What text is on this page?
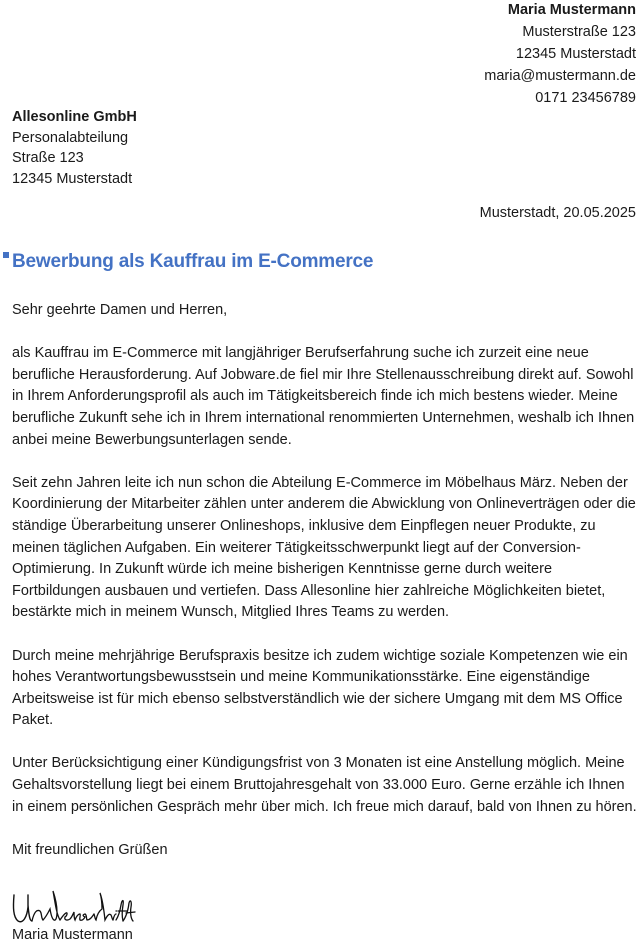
Maria Mustermann
Musterstraße 123
12345 Musterstadt
maria@mustermann.de
0171 23456789
Allesonline GmbH
Personalabteilung
Straße 123
12345 Musterstadt
Musterstadt, 20.05.2025
Bewerbung als Kauffrau im E-Commerce

Sehr geehrte Damen und Herren,

als Kauffrau im E-Commerce mit langjähriger Berufserfahrung suche ich zurzeit eine neue berufliche Herausforderung. Auf Jobware.de fiel mir Ihre Stellenausschreibung direkt auf. Sowohl in Ihrem Anforderungsprofil als auch im Tätigkeitsbereich finde ich mich bestens wieder. Meine berufliche Zukunft sehe ich in Ihrem international renommierten Unternehmen, weshalb ich Ihnen anbei meine Bewerbungsunterlagen sende.

Seit zehn Jahren leite ich nun schon die Abteilung E-Commerce im Möbelhaus März. Neben der Koordinierung der Mitarbeiter zählen unter anderem die Abwicklung von Onlineverträgen oder die ständige Überarbeitung unserer Onlineshops, inklusive dem Einpflegen neuer Produkte, zu meinen täglichen Aufgaben. Ein weiterer Tätigkeitsschwerpunkt liegt auf der Conversion-Optimierung. In Zukunft würde ich meine bisherigen Kenntnisse gerne durch weitere Fortbildungen ausbauen und vertiefen. Dass Allesonline hier zahlreiche Möglichkeiten bietet, bestärkte mich in meinem Wunsch, Mitglied Ihres Teams zu werden.

Durch meine mehrjährige Berufspraxis besitze ich zudem wichtige soziale Kompetenzen wie ein hohes Verantwortungsbewusstsein und meine Kommunikationsstärke. Eine eigenständige Arbeitsweise ist für mich ebenso selbstverständlich wie der sichere Umgang mit dem MS Office Paket.

Unter Berücksichtigung einer Kündigungsfrist von 3 Monaten ist eine Anstellung möglich. Meine Gehaltsvorstellung liegt bei einem Bruttojahresgehalt von 33.000 Euro. Gerne erzähle ich Ihnen in einem persönlichen Gespräch mehr über mich. Ich freue mich darauf, bald von Ihnen zu hören.

Mit freundlichen Grüßen

Maria Mustermann
